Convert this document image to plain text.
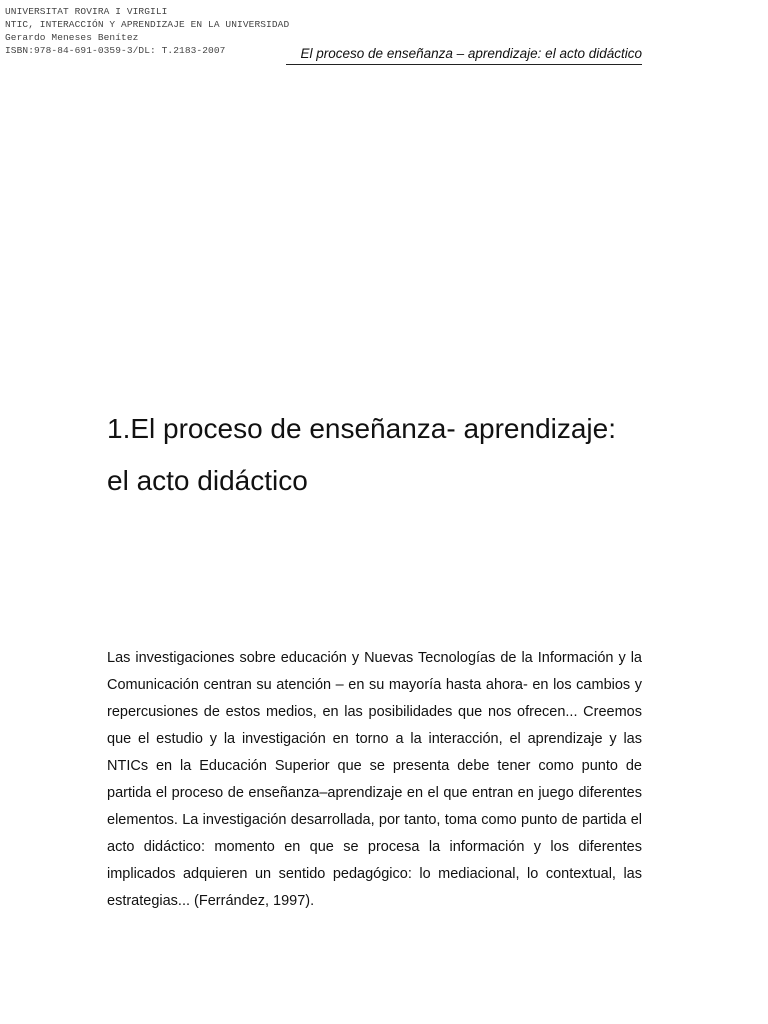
UNIVERSITAT ROVIRA I VIRGILI
NTIC, INTERACCIÓN Y APRENDIZAJE EN LA UNIVERSIDAD
Gerardo Meneses Benítez
ISBN:978-84-691-0359-3/DL: T.2183-2007	El proceso de enseñanza – aprendizaje: el acto didáctico
1.El proceso de enseñanza- aprendizaje:
el acto didáctico

Las investigaciones sobre educación y Nuevas Tecnologías de la Información y la Comunicación centran su atención – en su mayoría hasta ahora- en los cambios y repercusiones de estos medios, en las posibilidades que nos ofrecen... Creemos que el estudio y la investigación en torno a la interacción, el aprendizaje y las NTICs en la Educación Superior que se presenta debe tener como punto de partida el proceso de enseñanza–aprendizaje en el que entran en juego diferentes elementos. La investigación desarrollada, por tanto, toma como punto de partida el acto didáctico: momento en que se procesa la información y los diferentes implicados adquieren un sentido pedagógico: lo mediacional, lo contextual, las estrategias... (Ferrández, 1997).
